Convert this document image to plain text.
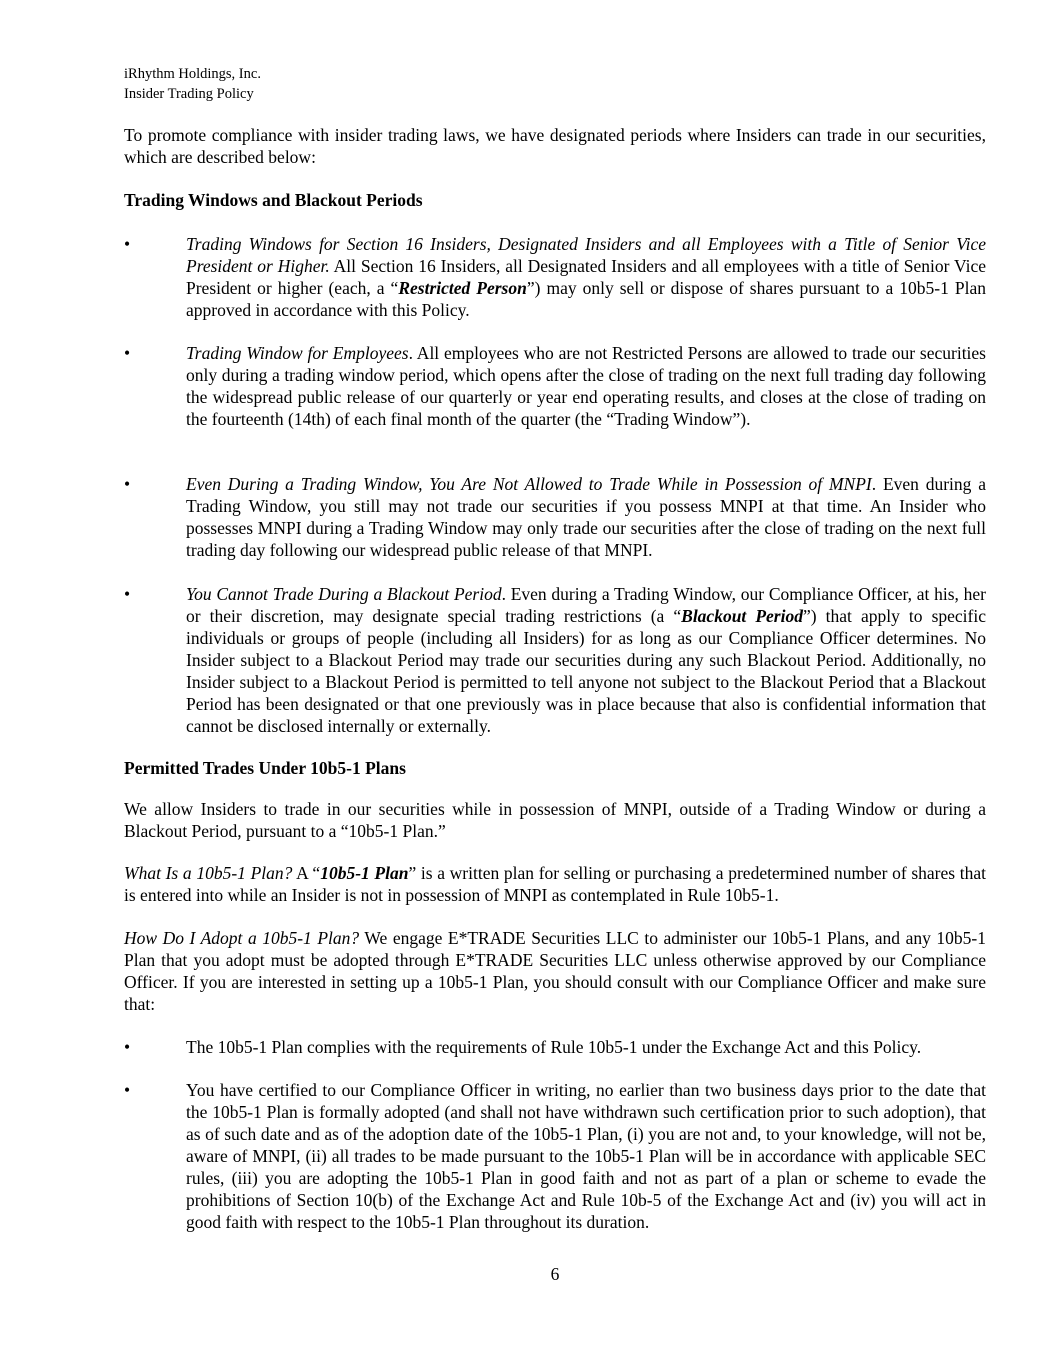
iRhythm Holdings, Inc.
Insider Trading Policy

To promote compliance with insider trading laws, we have designated periods where Insiders can trade in our securities, which are described below:

Trading Windows and Blackout Periods
•	Trading Windows for Section 16 Insiders, Designated Insiders and all Employees with a Title of Senior Vice President or Higher. All Section 16 Insiders, all Designated Insiders and all employees with a title of Senior Vice President or higher (each, a “Restricted Person”) may only sell or dispose of shares pursuant to a 10b5-1 Plan approved in accordance with this Policy.
•	Trading Window for Employees. All employees who are not Restricted Persons are allowed to trade our securities only during a trading window period, which opens after the close of trading on the next full trading day following the widespread public release of our quarterly or year end operating results, and closes at the close of trading on the fourteenth (14th) of each final month of the quarter (the “Trading Window”).
•	Even During a Trading Window, You Are Not Allowed to Trade While in Possession of MNPI. Even during a Trading Window, you still may not trade our securities if you possess MNPI at that time. An Insider who possesses MNPI during a Trading Window may only trade our securities after the close of trading on the next full trading day following our widespread public release of that MNPI.
•	You Cannot Trade During a Blackout Period. Even during a Trading Window, our Compliance Officer, at his, her or their discretion, may designate special trading restrictions (a “Blackout Period”) that apply to specific individuals or groups of people (including all Insiders) for as long as our Compliance Officer determines. No Insider subject to a Blackout Period may trade our securities during any such Blackout Period. Additionally, no Insider subject to a Blackout Period is permitted to tell anyone not subject to the Blackout Period that a Blackout Period has been designated or that one previously was in place because that also is confidential information that cannot be disclosed internally or externally.
Permitted Trades Under 10b5-1 Plans

We allow Insiders to trade in our securities while in possession of MNPI, outside of a Trading Window or during a Blackout Period, pursuant to a “10b5-1 Plan.”

What Is a 10b5-1 Plan? A “10b5-1 Plan” is a written plan for selling or purchasing a predetermined number of shares that is entered into while an Insider is not in possession of MNPI as contemplated in Rule 10b5-1.

How Do I Adopt a 10b5-1 Plan? We engage E*TRADE Securities LLC to administer our 10b5-1 Plans, and any 10b5-1 Plan that you adopt must be adopted through E*TRADE Securities LLC unless otherwise approved by our Compliance Officer. If you are interested in setting up a 10b5-1 Plan, you should consult with our Compliance Officer and make sure that:

•	The 10b5-1 Plan complies with the requirements of Rule 10b5-1 under the Exchange Act and this Policy.
•	You have certified to our Compliance Officer in writing, no earlier than two business days prior to the date that the 10b5-1 Plan is formally adopted (and shall not have withdrawn such certification prior to such adoption), that as of such date and as of the adoption date of the 10b5-1 Plan, (i) you are not and, to your knowledge, will not be, aware of MNPI, (ii) all trades to be made pursuant to the 10b5-1 Plan will be in accordance with applicable SEC rules, (iii) you are adopting the 10b5-1 Plan in good faith and not as part of a plan or scheme to evade the prohibitions of Section 10(b) of the Exchange Act and Rule 10b-5 of the Exchange Act and (iv) you will act in good faith with respect to the 10b5-1 Plan throughout its duration.
6
